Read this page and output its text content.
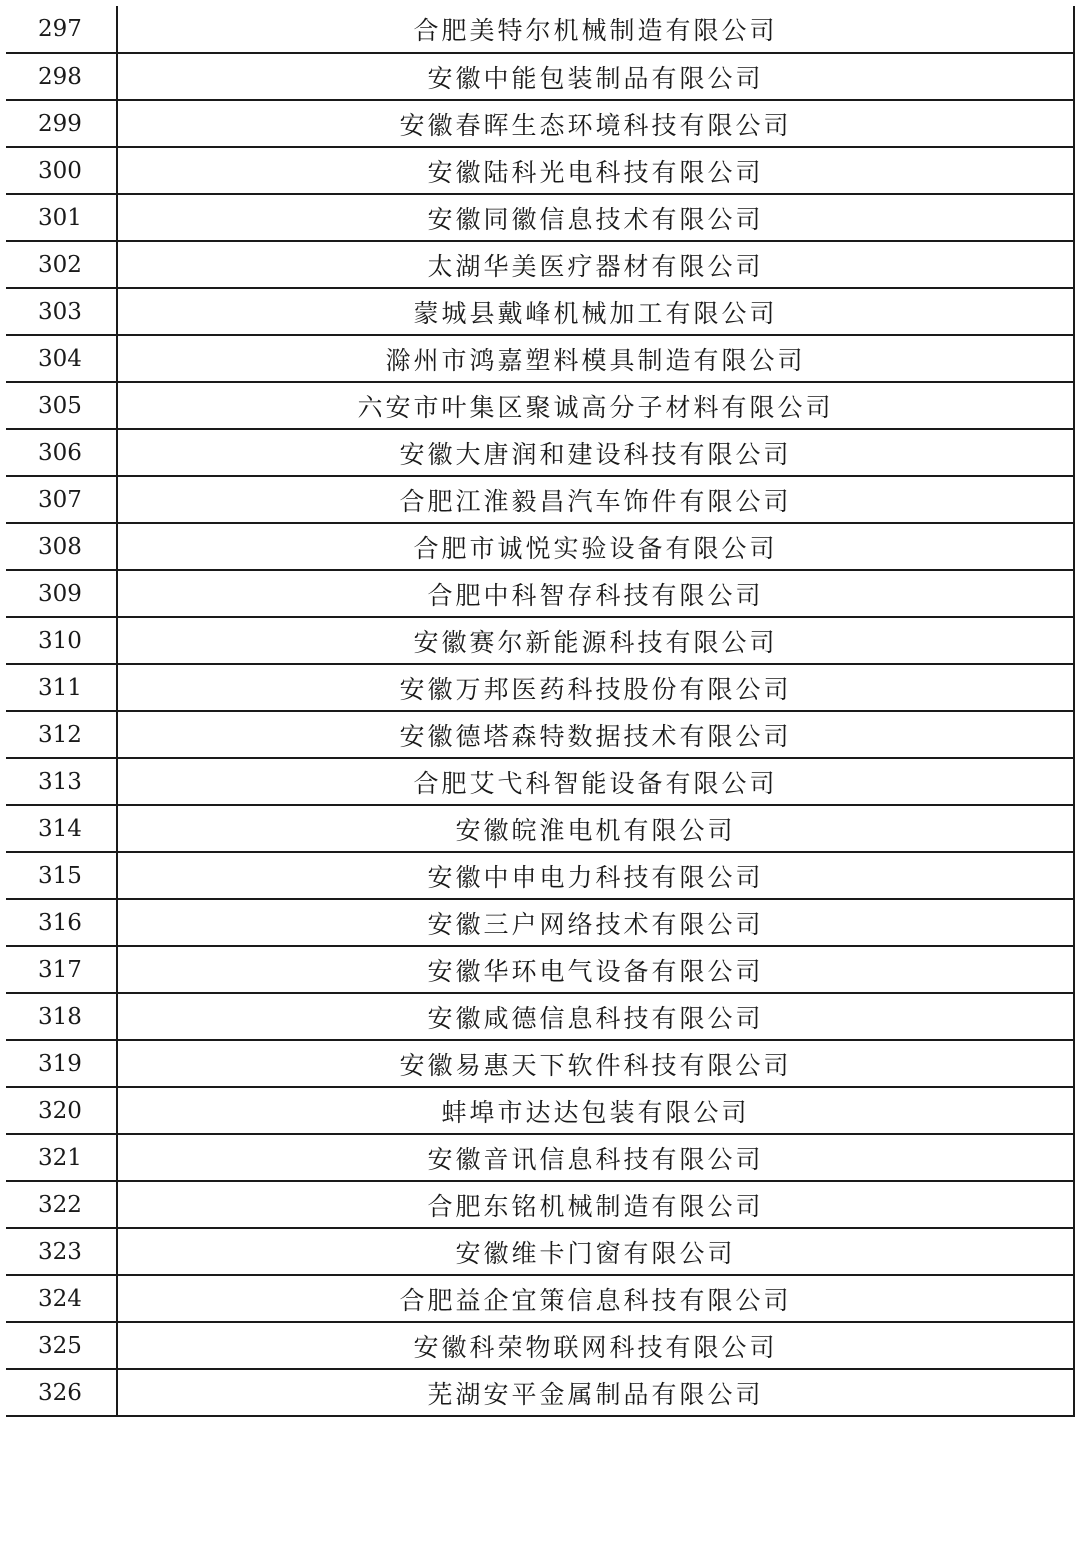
297	合肥美特尔机械制造有限公司
298	安徽中能包装制品有限公司
299	安徽春晖生态环境科技有限公司
300	安徽陆科光电科技有限公司
301	安徽同徽信息技术有限公司
302	太湖华美医疗器材有限公司
303	蒙城县戴峰机械加工有限公司
304	滁州市鸿嘉塑料模具制造有限公司
305	六安市叶集区聚诚高分子材料有限公司
306	安徽大唐润和建设科技有限公司
307	合肥江淮毅昌汽车饰件有限公司
308	合肥市诚悦实验设备有限公司
309	合肥中科智存科技有限公司
310	安徽赛尔新能源科技有限公司
311	安徽万邦医药科技股份有限公司
312	安徽德塔森特数据技术有限公司
313	合肥艾弋科智能设备有限公司
314	安徽皖淮电机有限公司
315	安徽中申电力科技有限公司
316	安徽三户网络技术有限公司
317	安徽华环电气设备有限公司
318	安徽咸德信息科技有限公司
319	安徽易惠天下软件科技有限公司
320	蚌埠市达达包装有限公司
321	安徽音讯信息科技有限公司
322	合肥东铭机械制造有限公司
323	安徽维卡门窗有限公司
324	合肥益企宜策信息科技有限公司
325	安徽科荣物联网科技有限公司
326	芜湖安平金属制品有限公司
